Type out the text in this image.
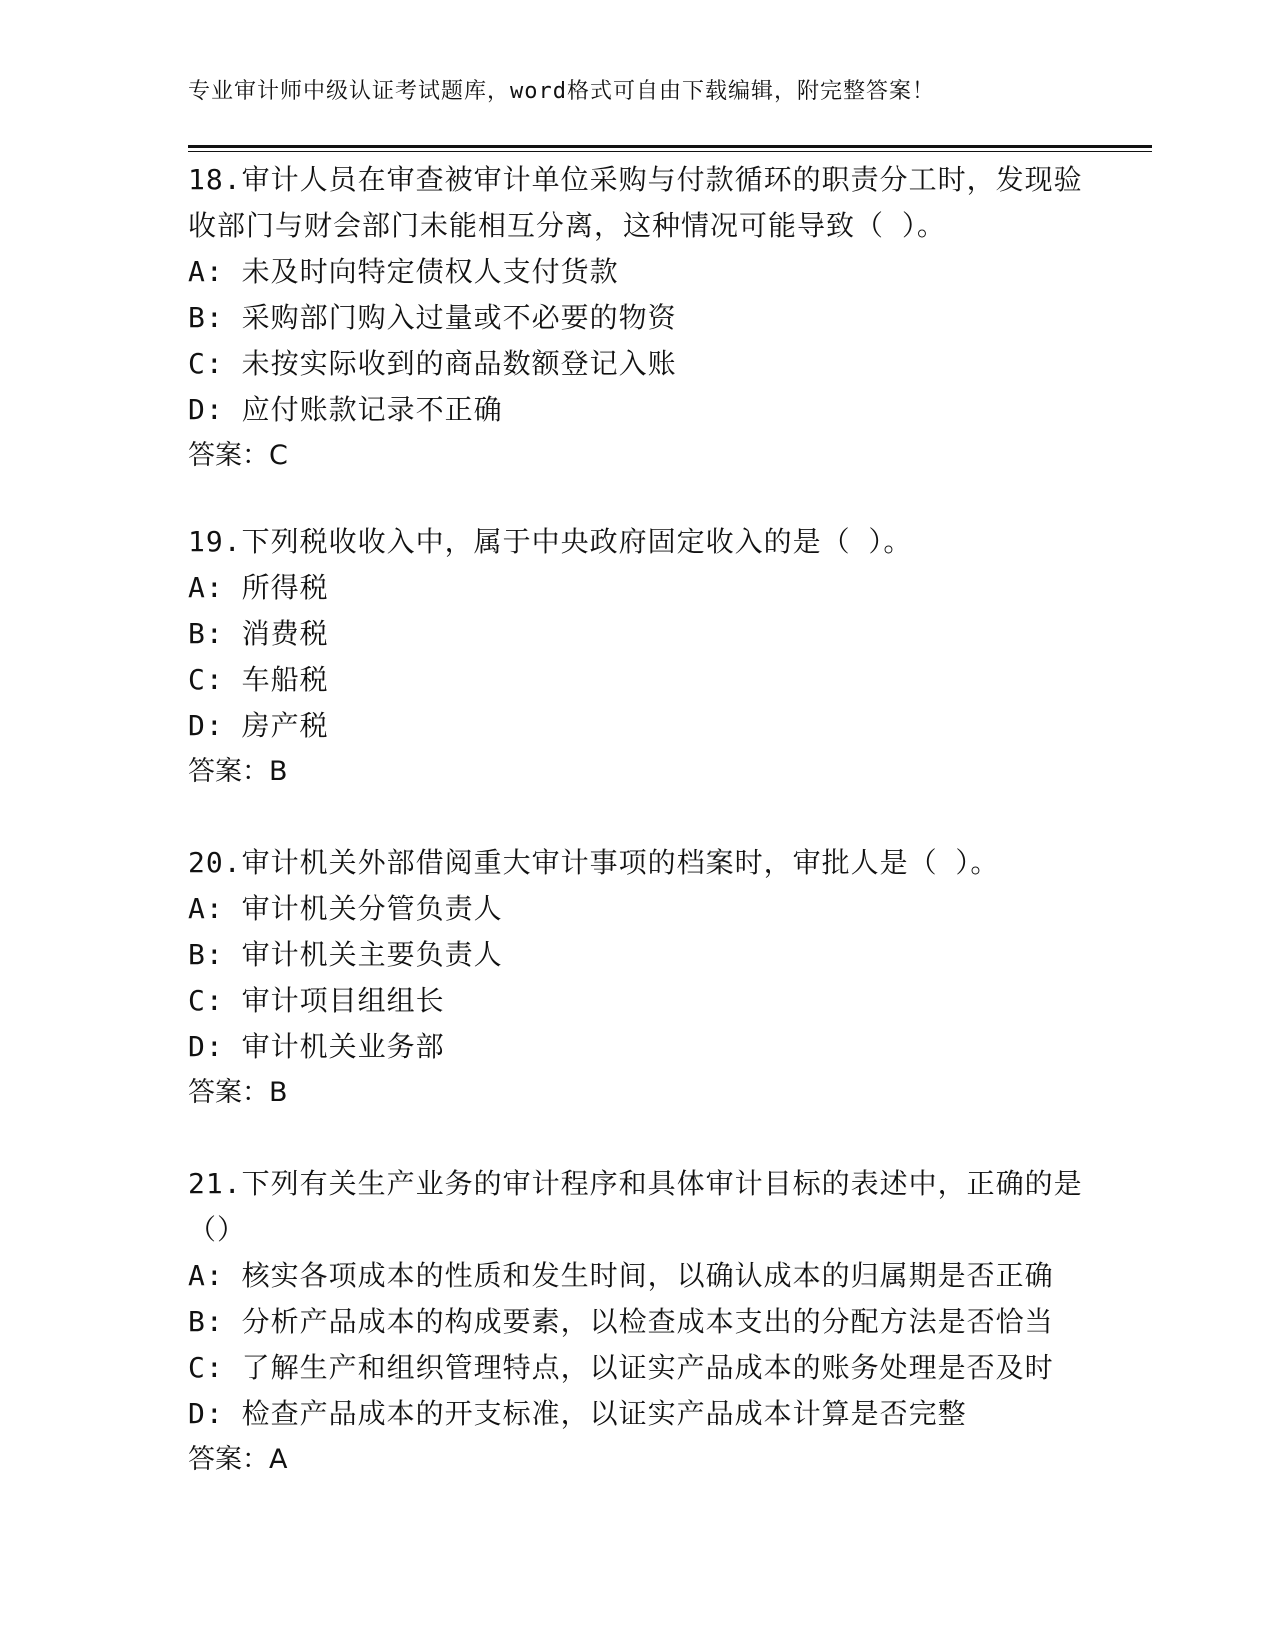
专业审计师中级认证考试题库，word格式可自由下载编辑，附完整答案！
18.审计人员在审查被审计单位采购与付款循环的职责分工时，发现验
收部门与财会部门未能相互分离，这种情况可能导致（ ）。
A: 未及时向特定债权人支付货款
B: 采购部门购入过量或不必要的物资
C: 未按实际收到的商品数额登记入账
D: 应付账款记录不正确
答案：C
19.下列税收收入中，属于中央政府固定收入的是（ ）。
A: 所得税
B: 消费税
C: 车船税
D: 房产税
答案：B
20.审计机关外部借阅重大审计事项的档案时，审批人是（ ）。
A: 审计机关分管负责人
B: 审计机关主要负责人
C: 审计项目组组长
D: 审计机关业务部
答案：B
21.下列有关生产业务的审计程序和具体审计目标的表述中，正确的是
（）
A: 核实各项成本的性质和发生时间，以确认成本的归属期是否正确
B: 分析产品成本的构成要素，以检查成本支出的分配方法是否恰当
C: 了解生产和组织管理特点，以证实产品成本的账务处理是否及时
D: 检查产品成本的开支标准，以证实产品成本计算是否完整
答案：A
